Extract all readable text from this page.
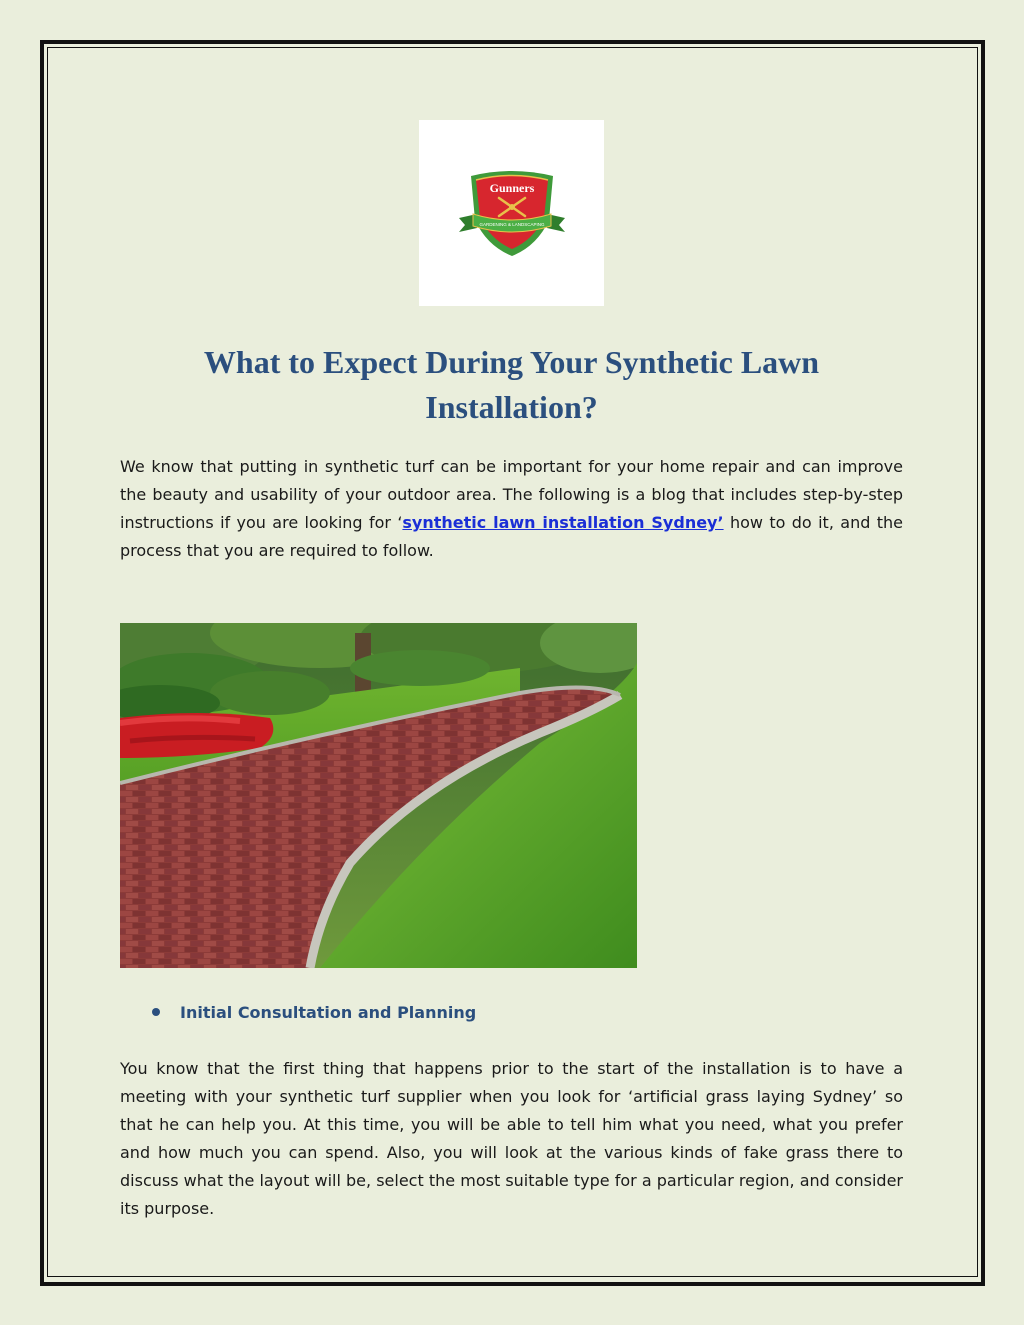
Gunners
GARDENING & LANDSCAPING
What to Expect During Your Synthetic Lawn Installation?

We know that putting in synthetic turf can be important for your home repair and can improve the beauty and usability of your outdoor area. The following is a blog that includes step-by-step instructions if you are looking for ‘synthetic lawn installation Sydney’ how to do it, and the process that you are required to follow.

Initial Consultation and Planning

You know that the first thing that happens prior to the start of the installation is to have a meeting with your synthetic turf supplier when you look for ‘artificial grass laying Sydney’ so that he can help you. At this time, you will be able to tell him what you need, what you prefer and how much you can spend. Also, you will look at the various kinds of fake grass there to discuss what the layout will be, select the most suitable type for a particular region, and consider its purpose.
